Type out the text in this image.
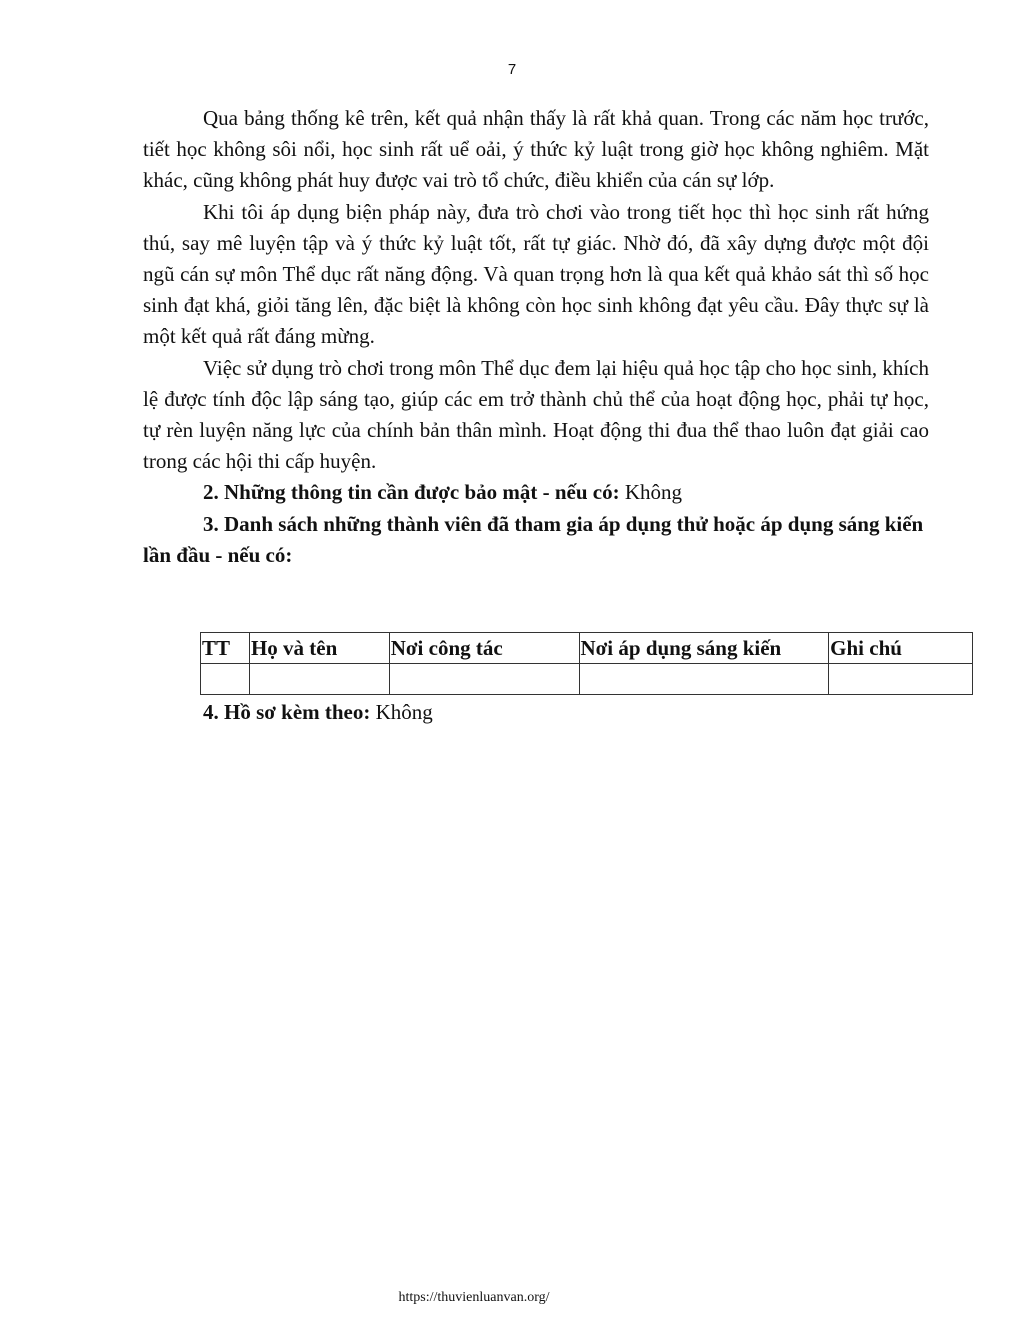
7

Qua bảng thống kê trên, kết quả nhận thấy là rất khả quan. Trong các năm học trước, tiết học không sôi nổi, học sinh rất uể oải, ý thức kỷ luật trong giờ học không nghiêm. Mặt khác, cũng không phát huy được vai trò tổ chức, điều khiển của cán sự lớp.

Khi tôi áp dụng biện pháp này, đưa trò chơi vào trong tiết học thì học sinh rất hứng thú, say mê luyện tập và ý thức kỷ luật tốt, rất tự giác. Nhờ đó, đã xây dựng được một đội ngũ cán sự môn Thể dục rất năng động. Và quan trọng hơn là qua kết quả khảo sát thì số học sinh đạt khá, giỏi tăng lên, đặc biệt là không còn học sinh không đạt yêu cầu. Đây thực sự là một kết quả rất đáng mừng.

Việc sử dụng trò chơi trong môn Thể dục đem lại hiệu quả học tập cho học sinh, khích lệ được tính độc lập sáng tạo, giúp các em trở thành chủ thể của hoạt động học, phải tự học, tự rèn luyện năng lực của chính bản thân mình. Hoạt động thi đua thể thao luôn đạt giải cao trong các hội thi cấp huyện.

2. Những thông tin cần được bảo mật - nếu có: Không
3. Danh sách những thành viên đã tham gia áp dụng thử hoặc áp dụng sáng kiến lần đầu - nếu có:
TT	Họ và tên	Nơi công tác	Nơi áp dụng sáng kiến	Ghi chú

4. Hồ sơ kèm theo: Không
https://thuvienluanvan.org/
